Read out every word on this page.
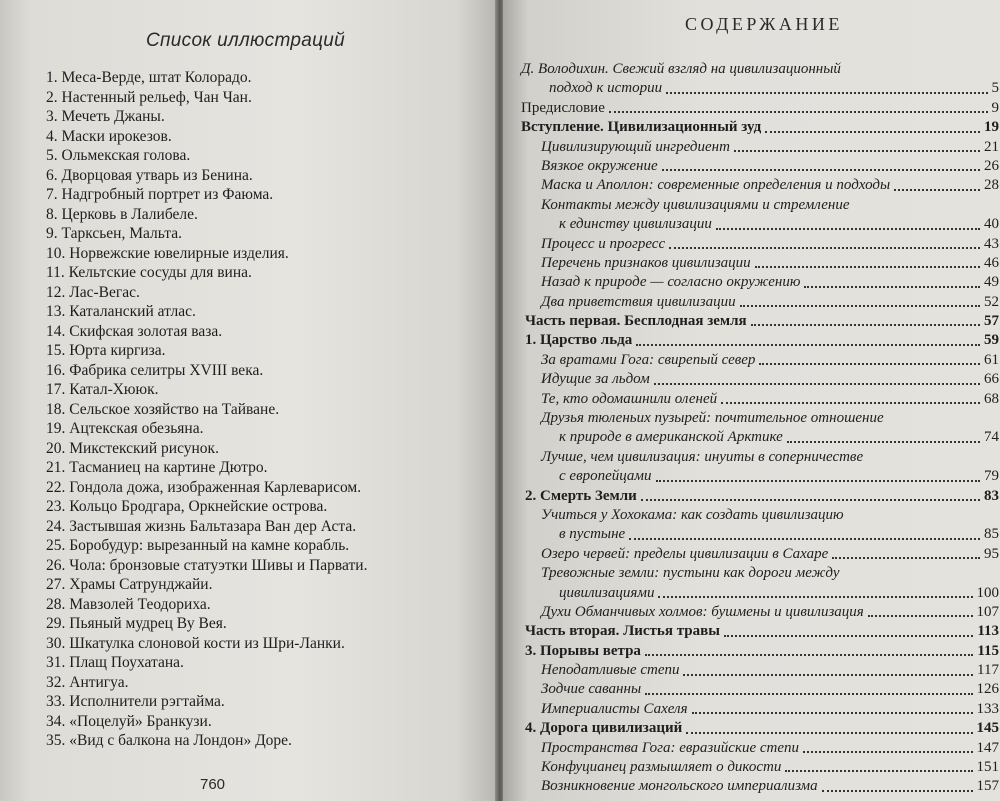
Список иллюстраций
1. Меса-Верде, штат Колорадо.
2. Настенный рельеф, Чан Чан.
3. Мечеть Джаны.
4. Маски ирокезов.
5. Ольмекская голова.
6. Дворцовая утварь из Бенина.
7. Надгробный портрет из Фаюма.
8. Церковь в Лалибеле.
9. Тарксьен, Мальта.
10. Норвежские ювелирные изделия.
11. Кельтские сосуды для вина.
12. Лас-Вегас.
13. Каталанский атлас.
14. Скифская золотая ваза.
15. Юрта киргиза.
16. Фабрика селитры XVIII века.
17. Катал-Хююк.
18. Сельское хозяйство на Тайване.
19. Ацтекская обезьяна.
20. Микстекский рисунок.
21. Тасманиец на картине Дютро.
22. Гондола дожа, изображенная Карлеварисом.
23. Кольцо Бродгара, Оркнейские острова.
24. Застывшая жизнь Бальтазара Ван дер Аста.
25. Боробудур: вырезанный на камне корабль.
26. Чола: бронзовые статуэтки Шивы и Парвати.
27. Храмы Сатрунджайи.
28. Мавзолей Теодориха.
29. Пьяный мудрец Ву Вея.
30. Шкатулка слоновой кости из Шри-Ланки.
31. Плащ Поухатана.
32. Антигуа.
33. Исполнители рэгтайма.
34. «Поцелуй» Бранкузи.
35. «Вид с балкона на Лондон» Доре.
760
СОДЕРЖАНИЕ
Д. Володихин. Свежий взгляд на цивилизационный
подход к истории	5
Предисловие	9
Вступление. Цивилизационный зуд	19
Цивилизирующий ингредиент	21
Вязкое окружение	26
Маска и Аполлон: современные определения и подходы	28
Контакты между цивилизациями и стремление
к единству цивилизации	40
Процесс и прогресс	43
Перечень признаков цивилизации	46
Назад к природе — согласно окружению	49
Два приветствия цивилизации	52
Часть первая. Бесплодная земля	57
1. Царство льда	59
За вратами Гога: свирепый север	61
Идущие за льдом	66
Те, кто одомашнили оленей	68
Друзья тюленьих пузырей: почтительное отношение
к природе в американской Арктике	74
Лучше, чем цивилизация: инуиты в соперничестве
с европейцами	79
2. Смерть Земли	83
Учиться у Хохокама: как создать цивилизацию
в пустыне	85
Озеро червей: пределы цивилизации в Сахаре	95
Тревожные земли: пустыни как дороги между
цивилизациями	100
Духи Обманчивых холмов: бушмены и цивилизация	107
Часть вторая. Листья травы	113
3. Порывы ветра	115
Неподатливые степи	117
Зодчие саванны	126
Империалисты Сахеля	133
4. Дорога цивилизаций	145
Пространства Гога: евразийские степи	147
Конфуцианец размышляет о дикости	151
Возникновение монгольского империализма	157
